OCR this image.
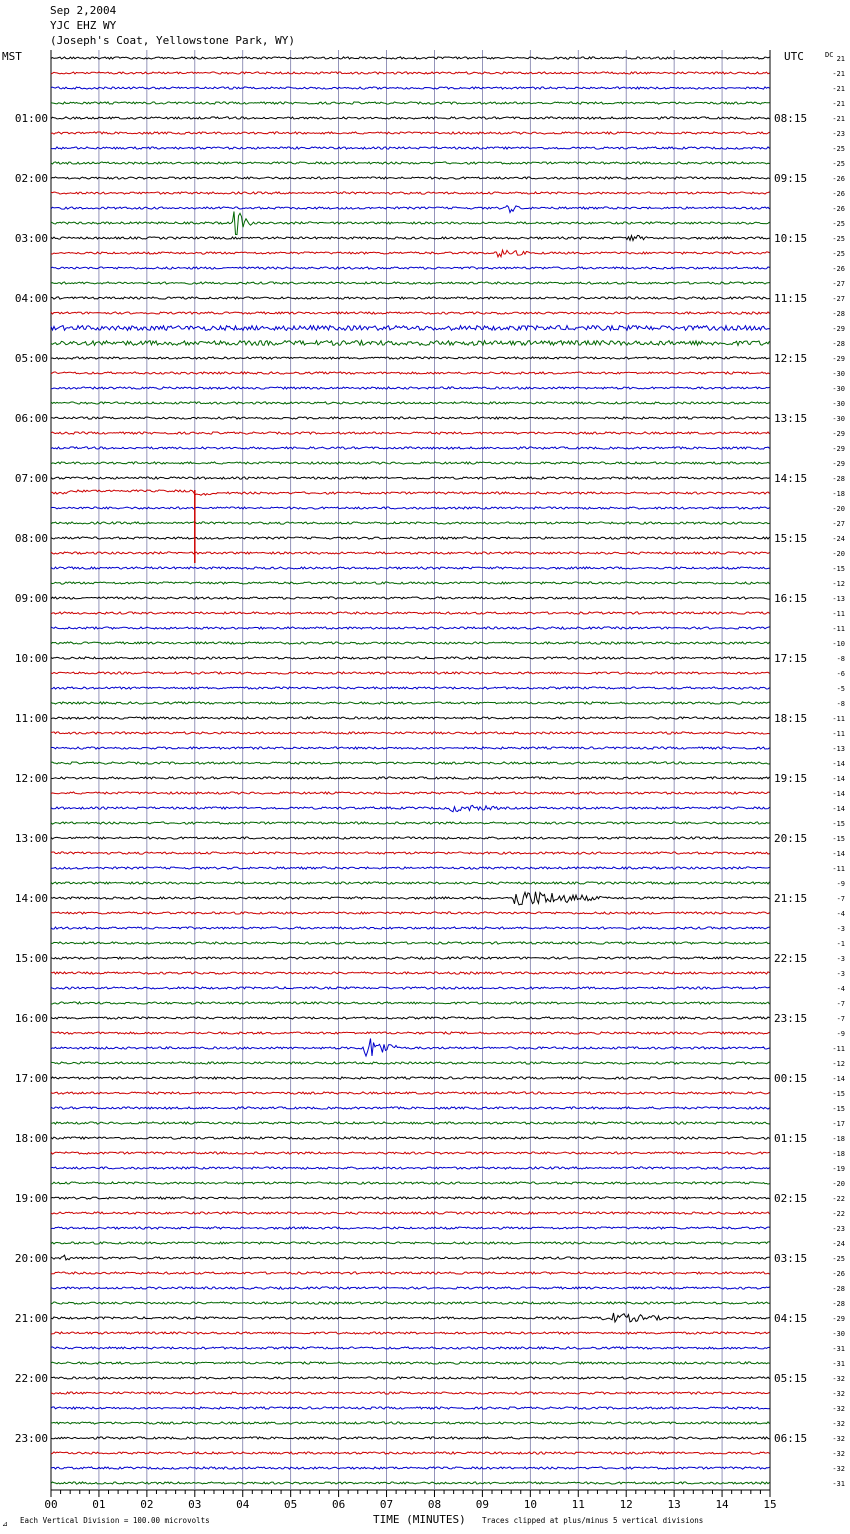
Sep 2,2004
YJC EHZ WY
(Joseph's Coat, Yellowstone Park, WY)
00	01	02	03	04	05	06	07	08	09	10	11	12	13	14	15
01:00
02:00
03:00
04:00
05:00
06:00
07:00
08:00
09:00
10:00
11:00
12:00
13:00
14:00
15:00
16:00
17:00
18:00
19:00
20:00
21:00
22:00
23:00
08:15
09:15
10:15
11:15
12:15
13:15
14:15
15:15
16:15
17:15
18:15
19:15
20:15
21:15
22:15
23:15
00:15
01:15
02:15
03:15
04:15
05:15
06:15
21
-21
-21
-21
-21
-23
-25
-25
-26
-26
-26
-25
-25
-25
-26
-27
-27
-28
-29
-28
-29
-30
-30
-30
-30
-29
-29
-29
-28
-18
-20
-27
-24
-20
-15
-12
-13
-11
-11
-10
-8
-6
-5
-8
-11
-11
-13
-14
-14
-14
-14
-15
-15
-14
-11
-9
-7
-4
-3
-1
-3
-3
-4
-7
-7
-9
-11
-12
-14
-15
-15
-17
-18
-18
-19
-20
-22
-22
-23
-24
-25
-26
-28
-28
-29
-30
-31
-31
-32
-32
-32
-32
-32
-32
-32
-31
MST	UTC	DC
⊿ Each Vertical Division = 100.00 microvolts	TIME (MINUTES) Traces clipped at plus/minus 5 vertical divisions
